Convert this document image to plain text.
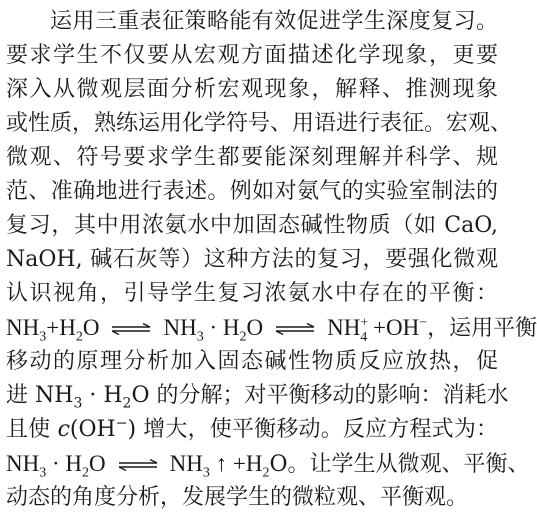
运用三重表征策略能有效促进学生深度复习。
要求学生不仅要从宏观方面描述化学现象，更要
深入从微观层面分析宏观现象，解释、推测现象
或性质，熟练运用化学符号、用语进行表征。宏观、
微观、符号要求学生都要能深刻理解并科学、规
范、准确地进行表述。例如对氨气的实验室制法的
复习，其中用浓氨水中加固态碱性物质（如 CaO,
NaOH, 碱石灰等）这种方法的复习，要强化微观
认识视角，引导学生复习浓氨水中存在的平衡：
$NH_3+H_2O$ ⇌ $NH_3 \cdot H_2O$ ⇌ $NH^+_4 +OH^-$，运用平衡
移动的原理分析加入固态碱性物质反应放热，促
进 $NH_3 \cdot H_2O$ 的分解；对平衡移动的影响：消耗水
且使 c(OH−) 增大，使平衡移动。反应方程式为：
$NH_3 \cdot H_2O$ ⇌ $NH_3$ ↑ $+H_2O$。让学生从微观、平衡、
动态的角度分析，发展学生的微粒观、平衡观。
